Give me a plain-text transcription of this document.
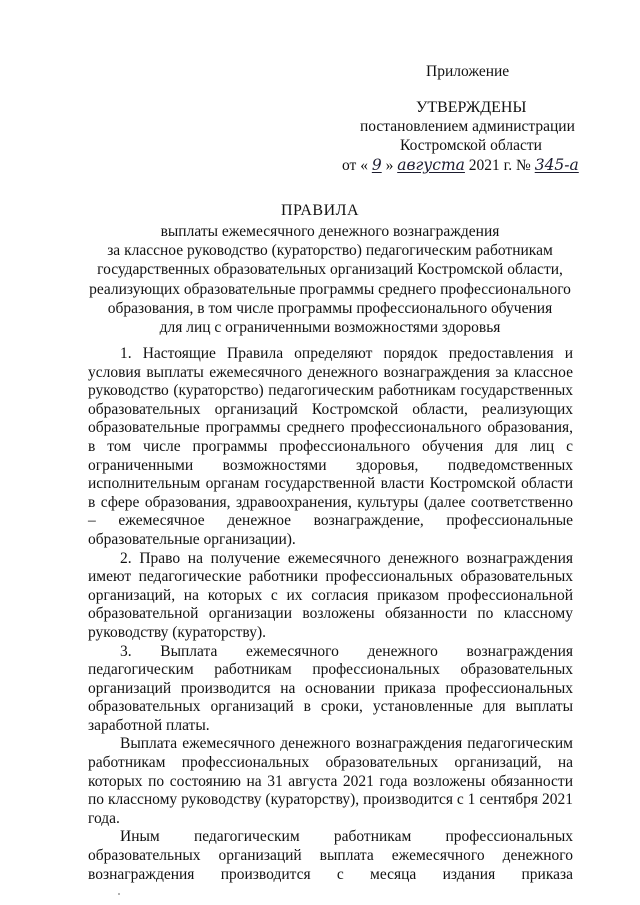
Приложение
УТВЕРЖДЕНЫ
постановлением администрации
Костромской области
от « 9 » августа 2021 г. № 345-а
ПРАВИЛА
выплаты ежемесячного денежного вознаграждения
за классное руководство (кураторство) педагогическим работникам
государственных образовательных организаций Костромской области,
реализующих образовательные программы среднего профессионального
образования, в том числе программы профессионального обучения
для лиц с ограниченными возможностями здоровья

1. Настоящие Правила определяют порядок предоставления и условия выплаты ежемесячного денежного вознаграждения за классное руководство (кураторство) педагогическим работникам государственных образовательных организаций Костромской области, реализующих образовательные программы среднего профессионального образования, в том числе программы профессионального обучения для лиц с ограниченными возможностями здоровья, подведомственных исполнительным органам государственной власти Костромской области в сфере образования, здравоохранения, культуры (далее соответственно – ежемесячное денежное вознаграждение, профессиональные образовательные организации).

2. Право на получение ежемесячного денежного вознаграждения имеют педагогические работники профессиональных образовательных организаций, на которых с их согласия приказом профессиональной образовательной организации возложены обязанности по классному руководству (кураторству).

3. Выплата ежемесячного денежного вознаграждения педагогическим работникам профессиональных образовательных организаций производится на основании приказа профессиональных образовательных организаций в сроки, установленные для выплаты заработной платы.

Выплата ежемесячного денежного вознаграждения педагогическим работникам профессиональных образовательных организаций, на которых по состоянию на 31 августа 2021 года возложены обязанности по классному руководству (кураторству), производится с 1 сентября 2021 года.

Иным педагогическим работникам профессиональных образовательных организаций выплата ежемесячного денежного вознаграждения производится с месяца издания приказа
